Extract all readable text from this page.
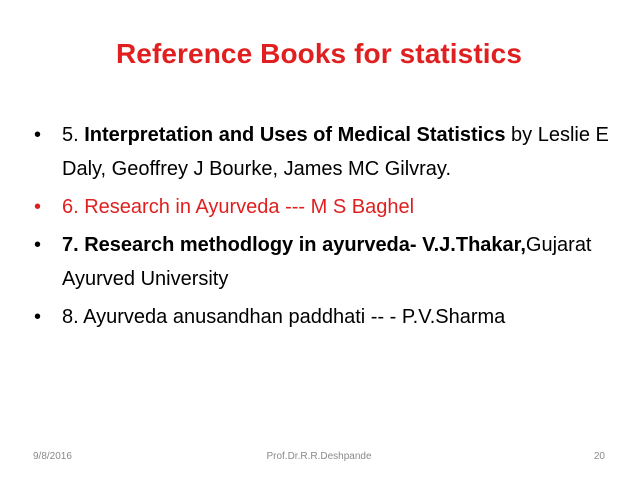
Reference Books for statistics
•	5. Interpretation and Uses of Medical Statistics by Leslie E Daly, Geoffrey J Bourke, James MC Gilvray.
•	6. Research in Ayurveda --- M S Baghel
•	7. Research methodlogy in ayurveda- V.J.Thakar,Gujarat Ayurved University
•	8. Ayurveda anusandhan paddhati -- - P.V.Sharma
9/8/2016	Prof.Dr.R.R.Deshpande	20
